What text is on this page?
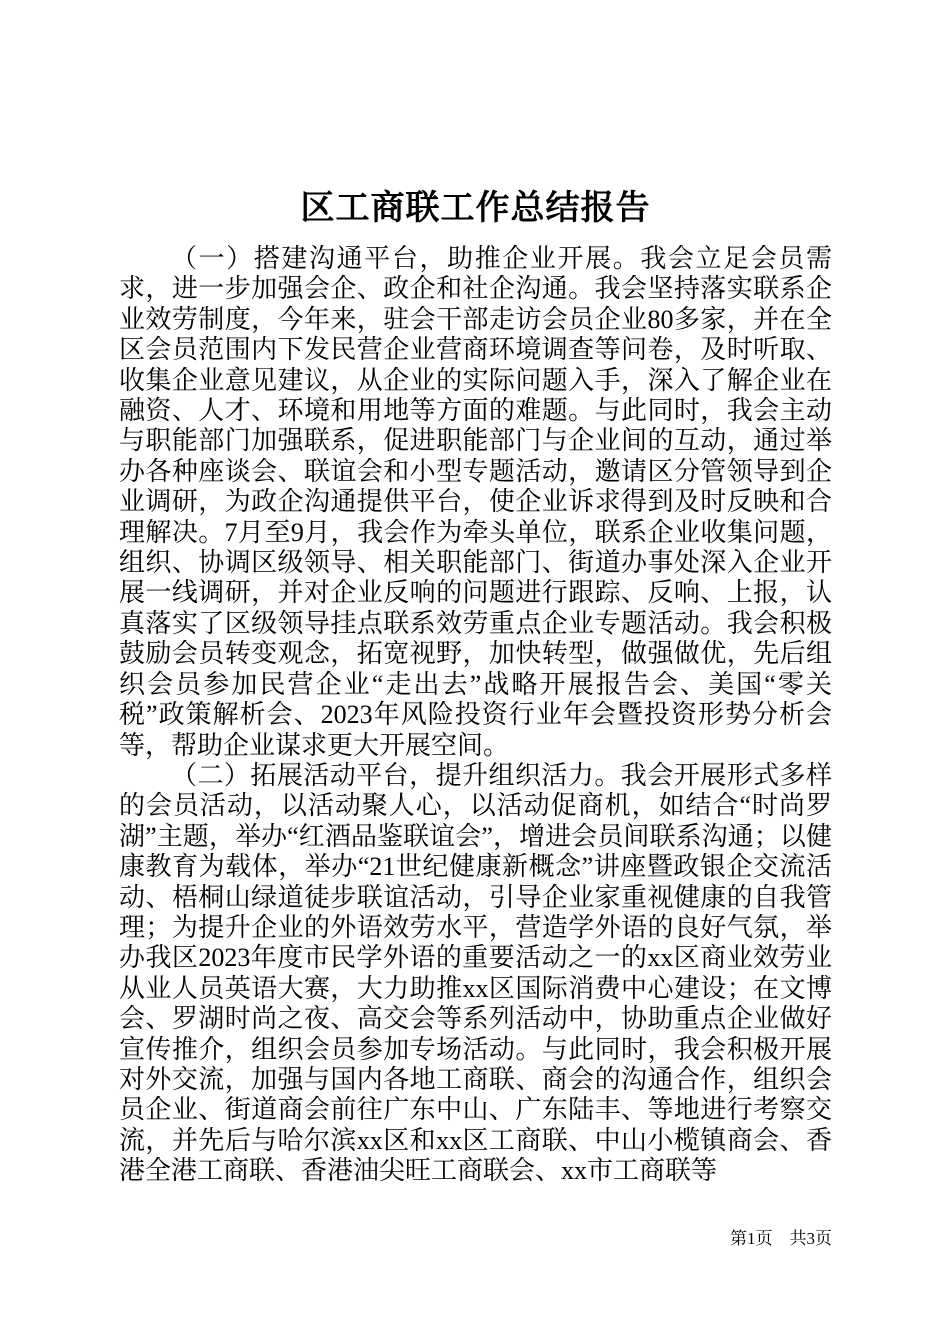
区工商联工作总结报告

（一）搭建沟通平台，助推企业开展。我会立足会员需求，进一步加强会企、政企和社企沟通。我会坚持落实联系企业效劳制度，今年来，驻会干部走访会员企业80多家，并在全区会员范围内下发民营企业营商环境调查等问卷，及时听取、收集企业意见建议，从企业的实际问题入手，深入了解企业在融资、人才、环境和用地等方面的难题。与此同时，我会主动与职能部门加强联系，促进职能部门与企业间的互动，通过举办各种座谈会、联谊会和小型专题活动，邀请区分管领导到企业调研，为政企沟通提供平台，使企业诉求得到及时反映和合理解决。7月至9月，我会作为牵头单位，联系企业收集问题，组织、协调区级领导、相关职能部门、街道办事处深入企业开展一线调研，并对企业反响的问题进行跟踪、反响、上报，认真落实了区级领导挂点联系效劳重点企业专题活动。我会积极鼓励会员转变观念，拓宽视野，加快转型，做强做优，先后组织会员参加民营企业“走出去”战略开展报告会、美国“零关税”政策解析会、2023年风险投资行业年会暨投资形势分析会等，帮助企业谋求更大开展空间。

（二）拓展活动平台，提升组织活力。我会开展形式多样的会员活动，以活动聚人心，以活动促商机，如结合“时尚罗湖”主题，举办“红酒品鉴联谊会”，增进会员间联系沟通；以健康教育为载体，举办“21世纪健康新概念”讲座暨政银企交流活动、梧桐山绿道徒步联谊活动，引导企业家重视健康的自我管理；为提升企业的外语效劳水平，营造学外语的良好气氛，举办我区2023年度市民学外语的重要活动之一的xx区商业效劳业从业人员英语大赛，大力助推xx区国际消费中心建设；在文博会、罗湖时尚之夜、高交会等系列活动中，协助重点企业做好宣传推介，组织会员参加专场活动。与此同时，我会积极开展对外交流，加强与国内各地工商联、商会的沟通合作，组织会员企业、街道商会前往广东中山、广东陆丰、等地进行考察交流，并先后与哈尔滨xx区和xx区工商联、中山小榄镇商会、香港全港工商联、香港油尖旺工商联会、xx市工商联等

第1页　共3页
